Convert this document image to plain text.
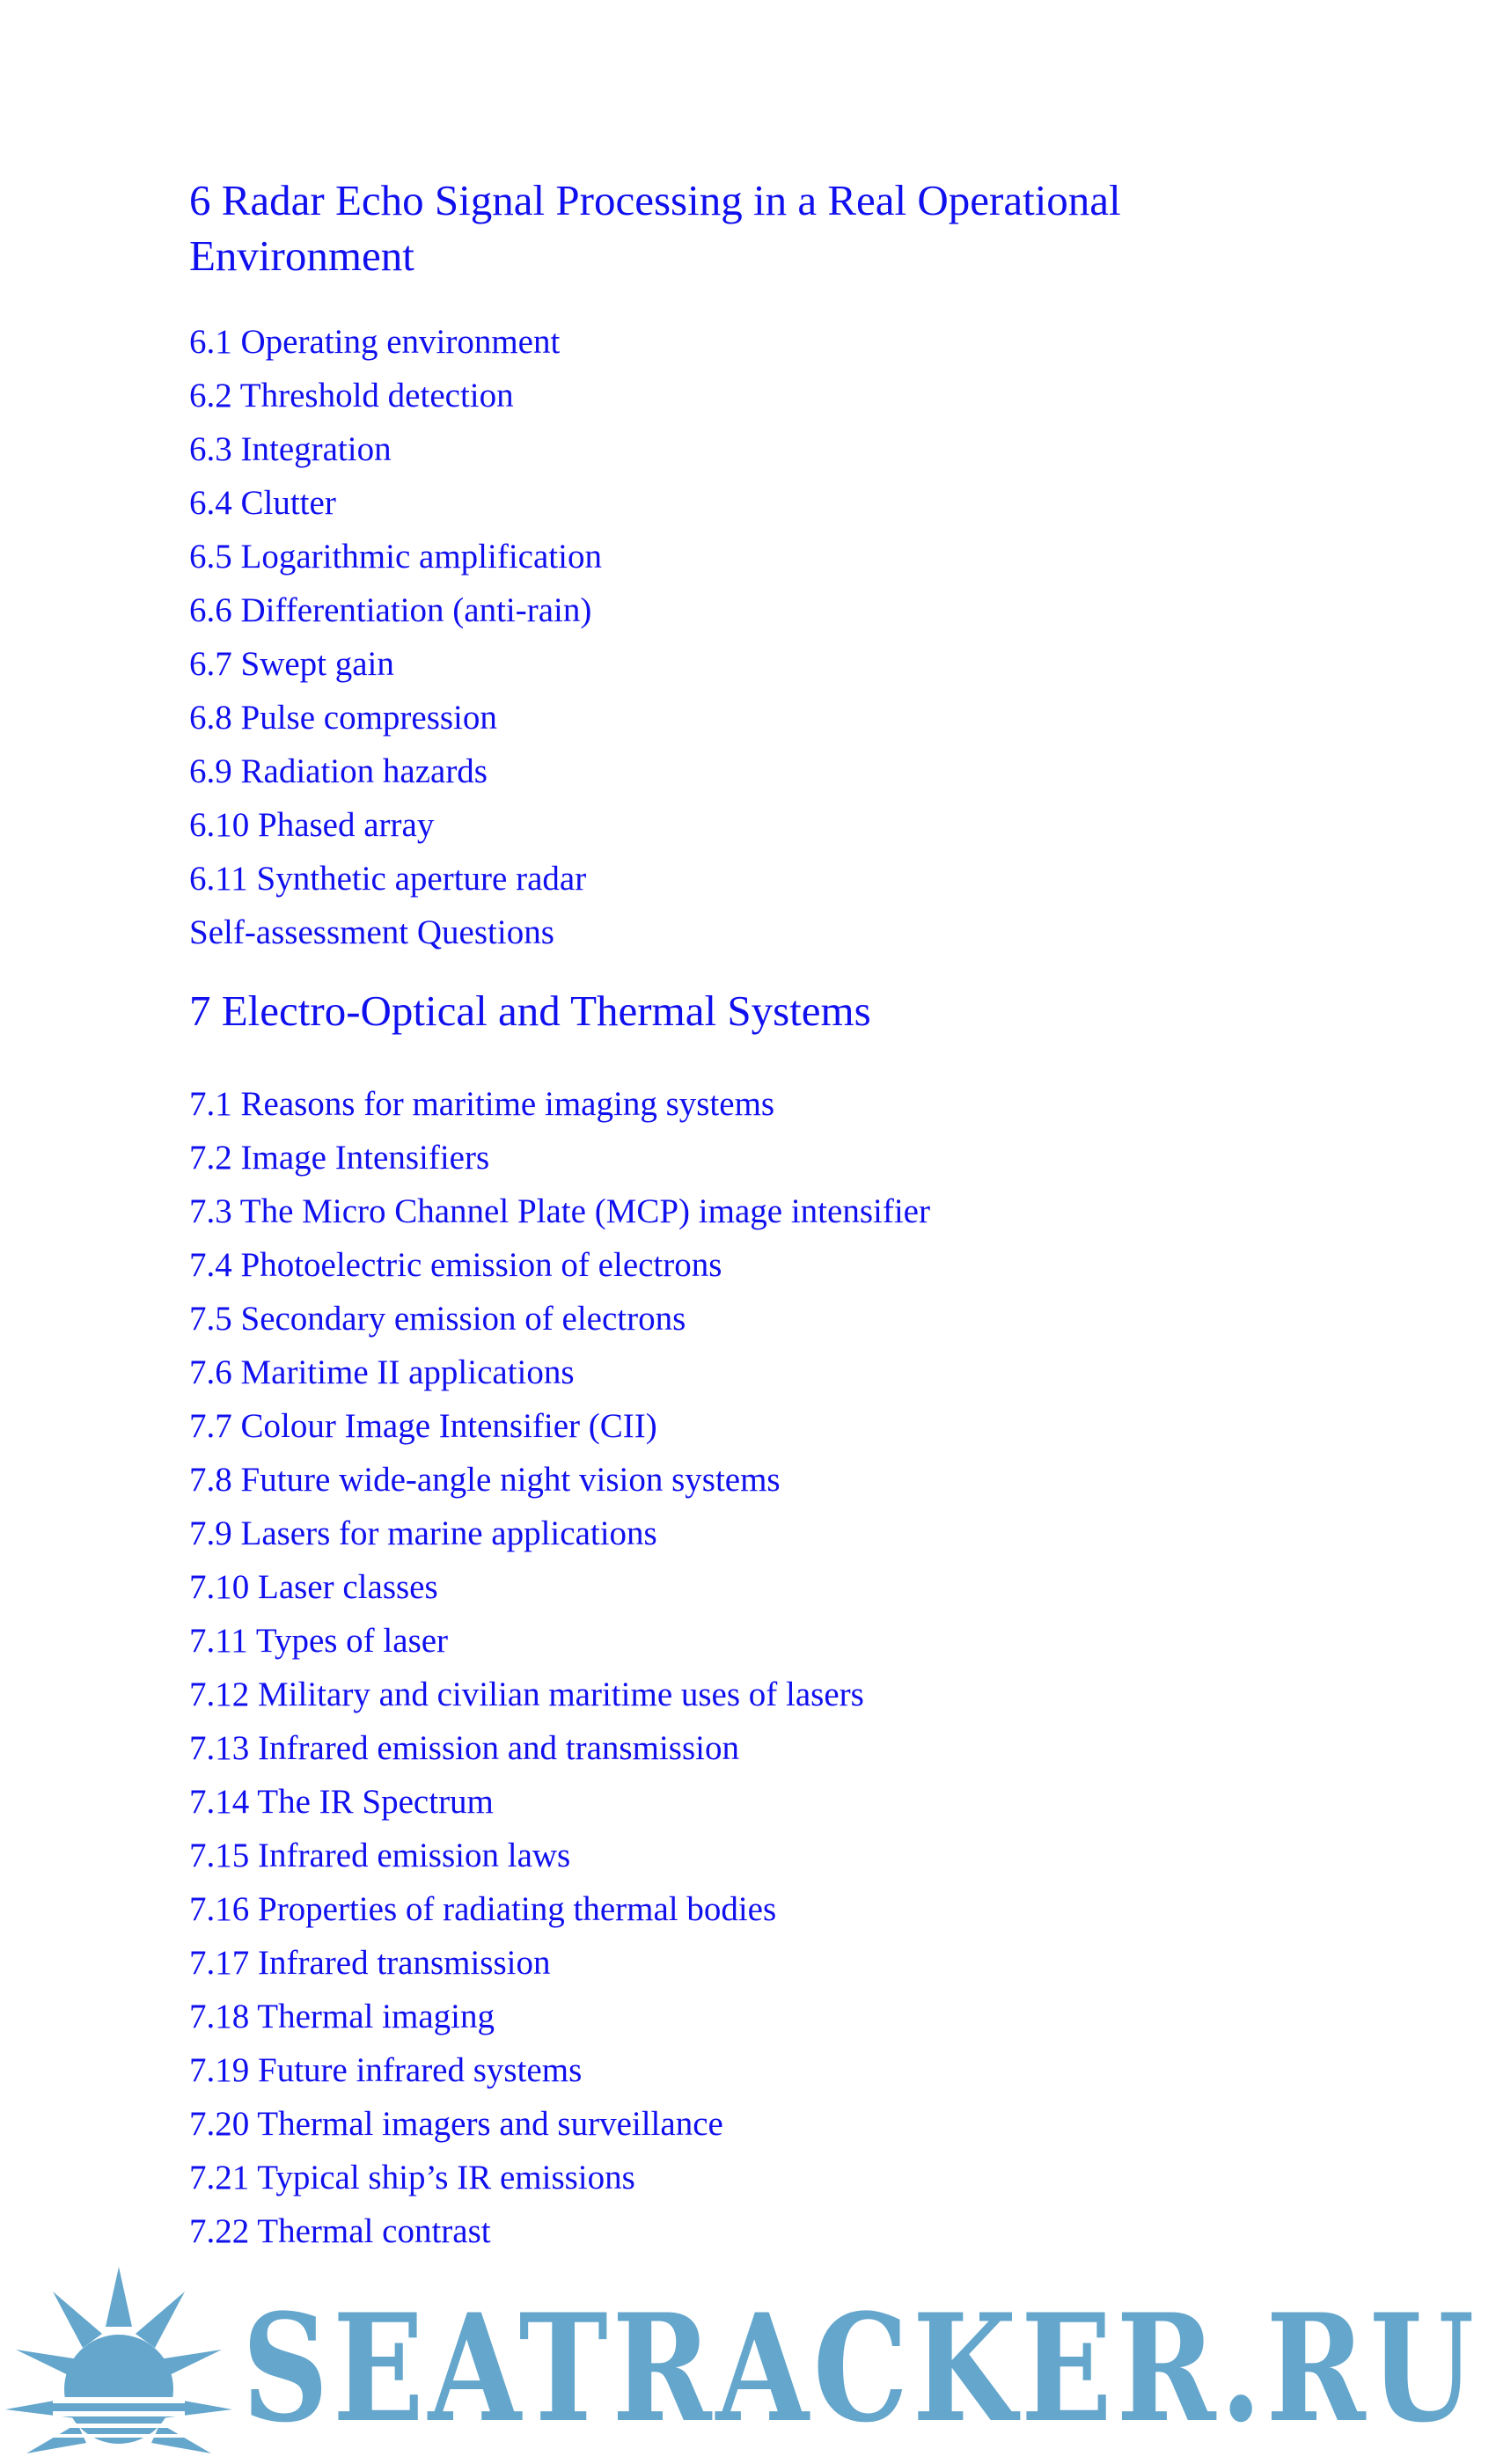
6 Radar Echo Signal Processing in a Real Operational Environment
6.1 Operating environment
6.2 Threshold detection
6.3 Integration
6.4 Clutter
6.5 Logarithmic amplification
6.6 Differentiation (anti-rain)
6.7 Swept gain
6.8 Pulse compression
6.9 Radiation hazards
6.10 Phased array
6.11 Synthetic aperture radar
Self-assessment Questions
7 Electro-Optical and Thermal Systems
7.1 Reasons for maritime imaging systems
7.2 Image Intensifiers
7.3 The Micro Channel Plate (MCP) image intensifier
7.4 Photoelectric emission of electrons
7.5 Secondary emission of electrons
7.6 Maritime II applications
7.7 Colour Image Intensifier (CII)
7.8 Future wide-angle night vision systems
7.9 Lasers for marine applications
7.10 Laser classes
7.11 Types of laser
7.12 Military and civilian maritime uses of lasers
7.13 Infrared emission and transmission
7.14 The IR Spectrum
7.15 Infrared emission laws
7.16 Properties of radiating thermal bodies
7.17 Infrared transmission
7.18 Thermal imaging
7.19 Future infrared systems
7.20 Thermal imagers and surveillance
7.21 Typical ship’s IR emissions
7.22 Thermal contrast
SEATRACKER.RU
